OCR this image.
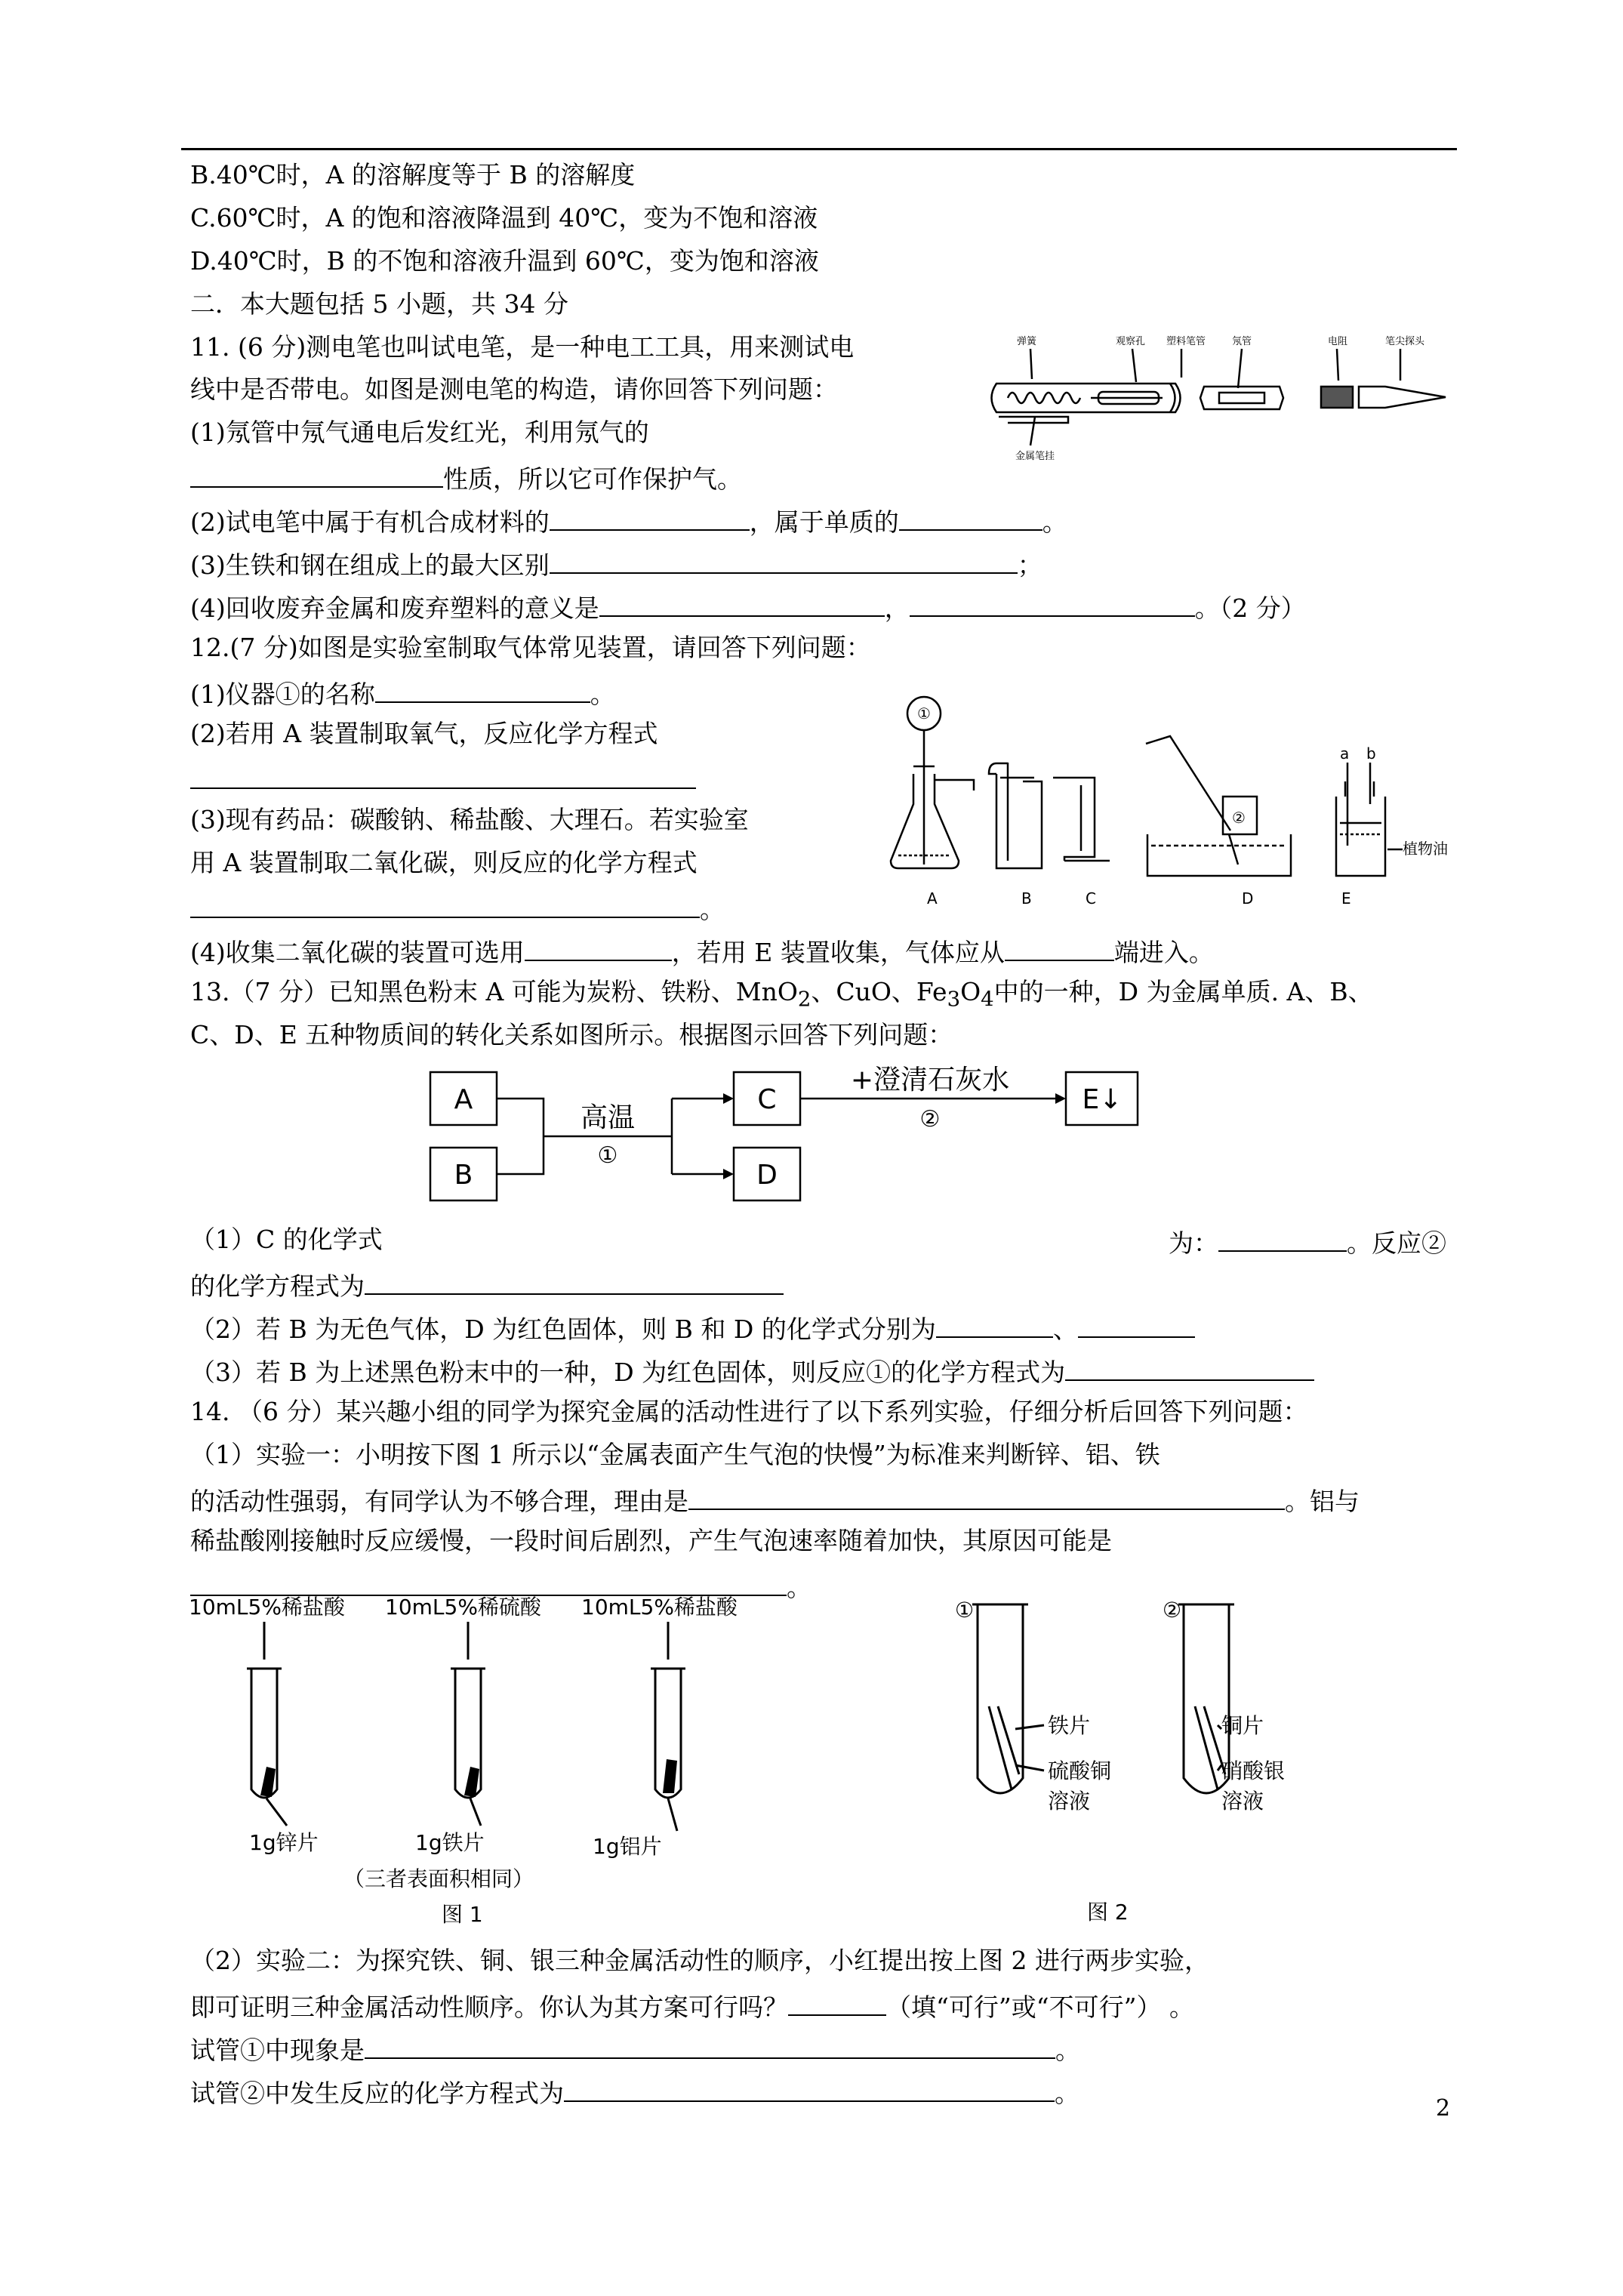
B.40℃时，A 的溶解度等于 B 的溶解度
C.60℃时，A 的饱和溶液降温到 40℃，变为不饱和溶液
D.40℃时，B 的不饱和溶液升温到 60℃，变为饱和溶液
二．本大题包括 5 小题，共 34 分
11. (6 分)测电笔也叫试电笔，是一种电工工具，用来测试电
线中是否带电。如图是测电笔的构造，请你回答下列问题：
(1)氖管中氖气通电后发红光，利用氖气的
性质，所以它可作保护气。
(2)试电笔中属于有机合成材料的	，属于单质的	。
(3)生铁和钢在组成上的最大区别	；
(4)回收废弃金属和废弃塑料的意义是	，	。（2 分）
弹簧	观察孔 塑料笔管	氖管	电阻	笔尖探头
金属笔挂
12.(7 分)如图是实验室制取气体常见装置，请回答下列问题：
(1)仪器①的名称	。
(2)若用 A 装置制取氧气，反应化学方程式
(3)现有药品：碳酸钠、稀盐酸、大理石。若实验室
用 A 装置制取二氧化碳，则反应的化学方程式
。
(4)收集二氧化碳的装置可选用	，若用 E 装置收集，气体应从	端进入。
①
②
a b
植物油
A	B	C	D	E
13.（7 分）已知黑色粉末 A 可能为炭粉、铁粉、MnO$_2$、CuO、$Fe_3O_4$中的一种，D 为金属单质. A、B、
C、D、E 五种物质间的转化关系如图所示。根据图示回答下列问题：
A
B
C
D
E↓
高温
①
+澄清石灰水
②
（1）C 的化学式	为：	。反应②
的化学方程式为
（2）若 B 为无色气体，D 为红色固体，则 B 和 D 的化学式分别为	、
（3）若 B 为上述黑色粉末中的一种，D 为红色固体，则反应①的化学方程式为
14. （6 分）某兴趣小组的同学为探究金属的活动性进行了以下系列实验，仔细分析后回答下列问题：
（1）实验一：小明按下图 1 所示以“金属表面产生气泡的快慢”为标准来判断锌、铝、铁
的活动性强弱，有同学认为不够合理，理由是	。铝与
稀盐酸刚接触时反应缓慢，一段时间后剧烈，产生气泡速率随着加快，其原因可能是
。
10mL5%稀盐酸 10mL5%稀硫酸 10mL5%稀盐酸
1g锌片	1g铁片	1g铝片
（三者表面积相同）
图 1
①	②
铁片
硫酸铜
溶液
铜片
硝酸银
溶液
图 2
（2）实验二：为探究铁、铜、银三种金属活动性的顺序，小红提出按上图 2 进行两步实验，
即可证明三种金属活动性顺序。你认为其方案可行吗？	（填“可行”或“不可行”） 。
试管①中现象是	。
试管②中发生反应的化学方程式为	。
2
